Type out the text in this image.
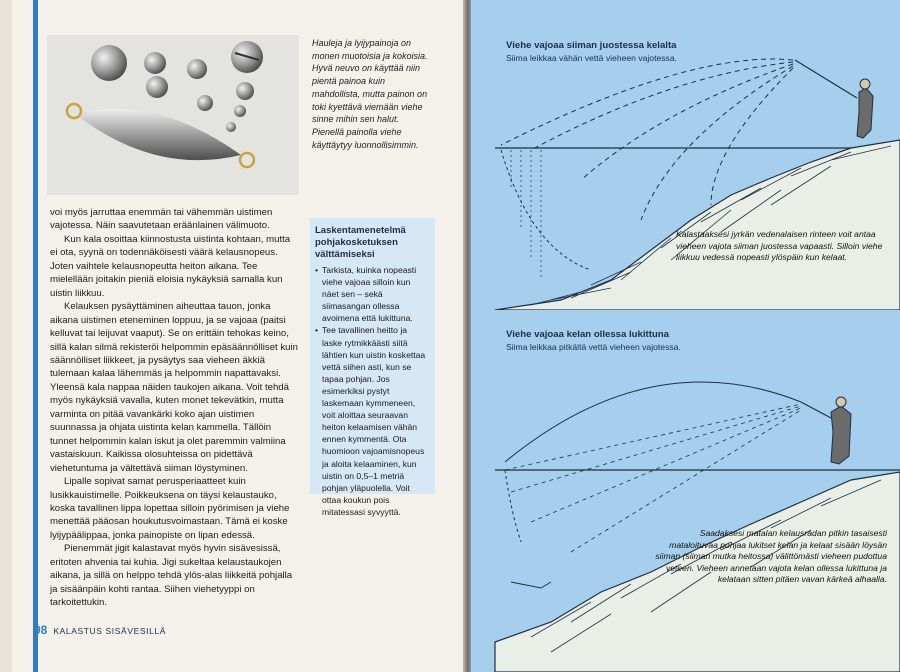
Hauleja ja lyijypainoja on monen muotoisia ja kokoisia. Hyvä neuvo on käyttää niin pientä painoa kuin mahdollista, mutta painon on toki kyettävä viemään viehe sinne mihin sen halut. Pienellä painolla viehe käyttäytyy luonnollisimmin.

voi myös jarruttaa enemmän tai vähemmän uistimen vajotessa. Näin saavutetaan eräänlainen välimuoto.

Kun kala osoittaa kiinnostusta uistinta kohtaan, mutta ei ota, syynä on todennäköisesti väärä kelausnopeus. Joten vaihtele kelausnopeutta heiton aikana. Tee mielellään joitakin pieniä eloisia nykäyksiä samalla kun uistin liikkuu.

Kelauksen pysäyttäminen aiheuttaa tauon, jonka aikana uistimen eteneminen loppuu, ja se vajoaa (paitsi kelluvat tai leijuvat vaaput). Se on erittäin tehokas keino, sillä kalan silmä rekisteröi helpommin epäsäännölliset kuin säännölliset liikkeet, ja pysäytys saa vieheen äkkiä tulemaan kalaa lähemmäs ja helpommin napattavaksi. Yleensä kala nappaa näiden taukojen aikana. Voit tehdä myös nykäyksiä vavalla, kuten monet tekevätkin, mutta varminta on pitää vavankärki koko ajan uistimen suunnassa ja ohjata uistinta kelan kammella. Tällöin tunnet helpommin kalan iskut ja olet paremmin valmiina vastaiskuun. Kaikissa olosuhteissa on pidettävä viehetuntuma ja vältettävä siiman löystyminen.

Lipalle sopivat samat perusperiaatteet kuin lusikkauistimelle. Poikkeuksena on täysi kelaustauko, koska tavallinen lippa lopettaa silloin pyörimisen ja viehe menettää pääosan houkutusvoimastaan. Tämä ei koske lyijypäälippaa, jonka painopiste on lipan edessä.

Pienemmät jigit kalastavat myös hyvin sisävesissä, eritoten ahvenia tai kuhia. Jigi sukeltaa kelaustaukojen aikana, ja sillä on helppo tehdä ylös-alas liikkeitä pohjalla ja sisäänpäin kohti rantaa. Siihen viehetyyppi on tarkoitettukin.

Laskentamenetelmä pohjakosketuksen välttämiseksi
• Tarkista, kuinka nopeasti viehe vajoaa silloin kun näet sen – sekä siimasangan ollessa avoimena että lukittuna.
• Tee tavallinen heitto ja laske rytmikkäästi siitä lähtien kun uistin koskettaa vettä siihen asti, kun se tapaa pohjan. Jos esimerkiksi pystyt laskemaan kymmeneen, voit aloittaa seuraavan heiton kelaamisen vähän ennen kymmentä. Ota huomioon vajoamisnopeus ja aloita kelaaminen, kun uistin on 0,5–1 metriä pohjan yläpuolella. Voit ottaa koukun pois mitatessasi syvyyttä.
98 KALASTUS SISÄVESILLÄ
Viehe vajoaa siiman juostessa kelalta
Siima leikkaa vähän vettä vieheen vajotessa.
Kalastaaksesi jyrkän vedenalaisen rinteen voit antaa vieheen vajota siiman juostessa vapaasti. Silloin viehe liikkuu vedessä nopeasti ylöspäin kun kelaat.
Viehe vajoaa kelan ollessa lukittuna
Siima leikkaa pitkältä vettä vieheen vajotessa.
Saadaksesi matalan kelausradan pitkin tasaisesti mataloituvaa pohjaa lukitset kelan ja kelaat sisään löysän siiman (siiman mutka heitossa) välittömästi vieheen pudottua veteen. Vieheen annetaan vajota kelan ollessa lukittuna ja kelataan sitten pitäen vavan kärkeä alhaalla.
